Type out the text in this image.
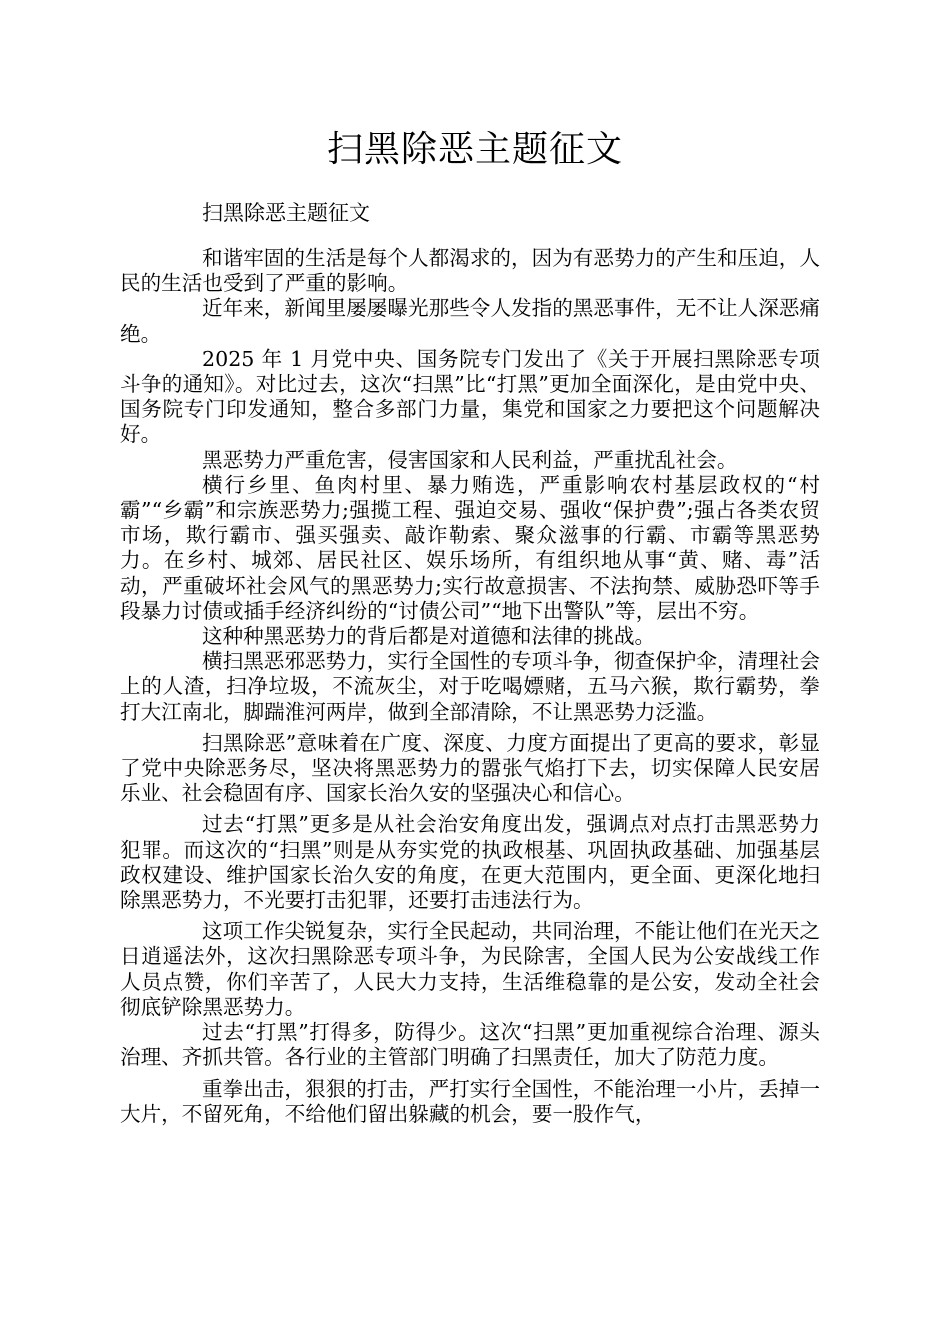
扫黑除恶主题征文

扫黑除恶主题征文

和谐牢固的生活是每个人都渴求的，因为有恶势力的产生和压迫，人民的生活也受到了严重的影响。

近年来，新闻里屡屡曝光那些令人发指的黑恶事件，无不让人深恶痛绝。

2025 年 1 月党中央、国务院专门发出了《关于开展扫黑除恶专项斗争的通知》。对比过去，这次“扫黑”比“打黑”更加全面深化，是由党中央、国务院专门印发通知，整合多部门力量，集党和国家之力要把这个问题解决好。

黑恶势力严重危害，侵害国家和人民利益，严重扰乱社会。

横行乡里、鱼肉村里、暴力贿选，严重影响农村基层政权的“村霸”“乡霸”和宗族恶势力;强揽工程、强迫交易、强收“保护费”;强占各类农贸市场，欺行霸市、强买强卖、敲诈勒索、聚众滋事的行霸、市霸等黑恶势力。在乡村、城郊、居民社区、娱乐场所，有组织地从事“黄、赌、毒”活动，严重破坏社会风气的黑恶势力;实行故意损害、不法拘禁、威胁恐吓等手段暴力讨债或插手经济纠纷的“讨债公司”“地下出警队”等，层出不穷。

这种种黑恶势力的背后都是对道德和法律的挑战。

横扫黑恶邪恶势力，实行全国性的专项斗争，彻查保护伞，清理社会上的人渣，扫净垃圾，不流灰尘，对于吃喝嫖赌，五马六猴，欺行霸势，拳打大江南北，脚踹淮河两岸，做到全部清除，不让黑恶势力泛滥。

扫黑除恶”意味着在广度、深度、力度方面提出了更高的要求，彰显了党中央除恶务尽，坚决将黑恶势力的嚣张气焰打下去，切实保障人民安居乐业、社会稳固有序、国家长治久安的坚强决心和信心。

过去“打黑”更多是从社会治安角度出发，强调点对点打击黑恶势力犯罪。而这次的“扫黑”则是从夯实党的执政根基、巩固执政基础、加强基层政权建设、维护国家长治久安的角度，在更大范围内，更全面、更深化地扫除黑恶势力，不光要打击犯罪，还要打击违法行为。

这项工作尖锐复杂，实行全民起动，共同治理，不能让他们在光天之日逍遥法外，这次扫黑除恶专项斗争，为民除害，全国人民为公安战线工作人员点赞，你们辛苦了，人民大力支持，生活维稳靠的是公安，发动全社会彻底铲除黑恶势力。

过去“打黑”打得多，防得少。这次“扫黑”更加重视综合治理、源头治理、齐抓共管。各行业的主管部门明确了扫黑责任，加大了防范力度。

重拳出击，狠狠的打击，严打实行全国性，不能治理一小片，丢掉一大片，不留死角，不给他们留出躲藏的机会，要一股作气，
